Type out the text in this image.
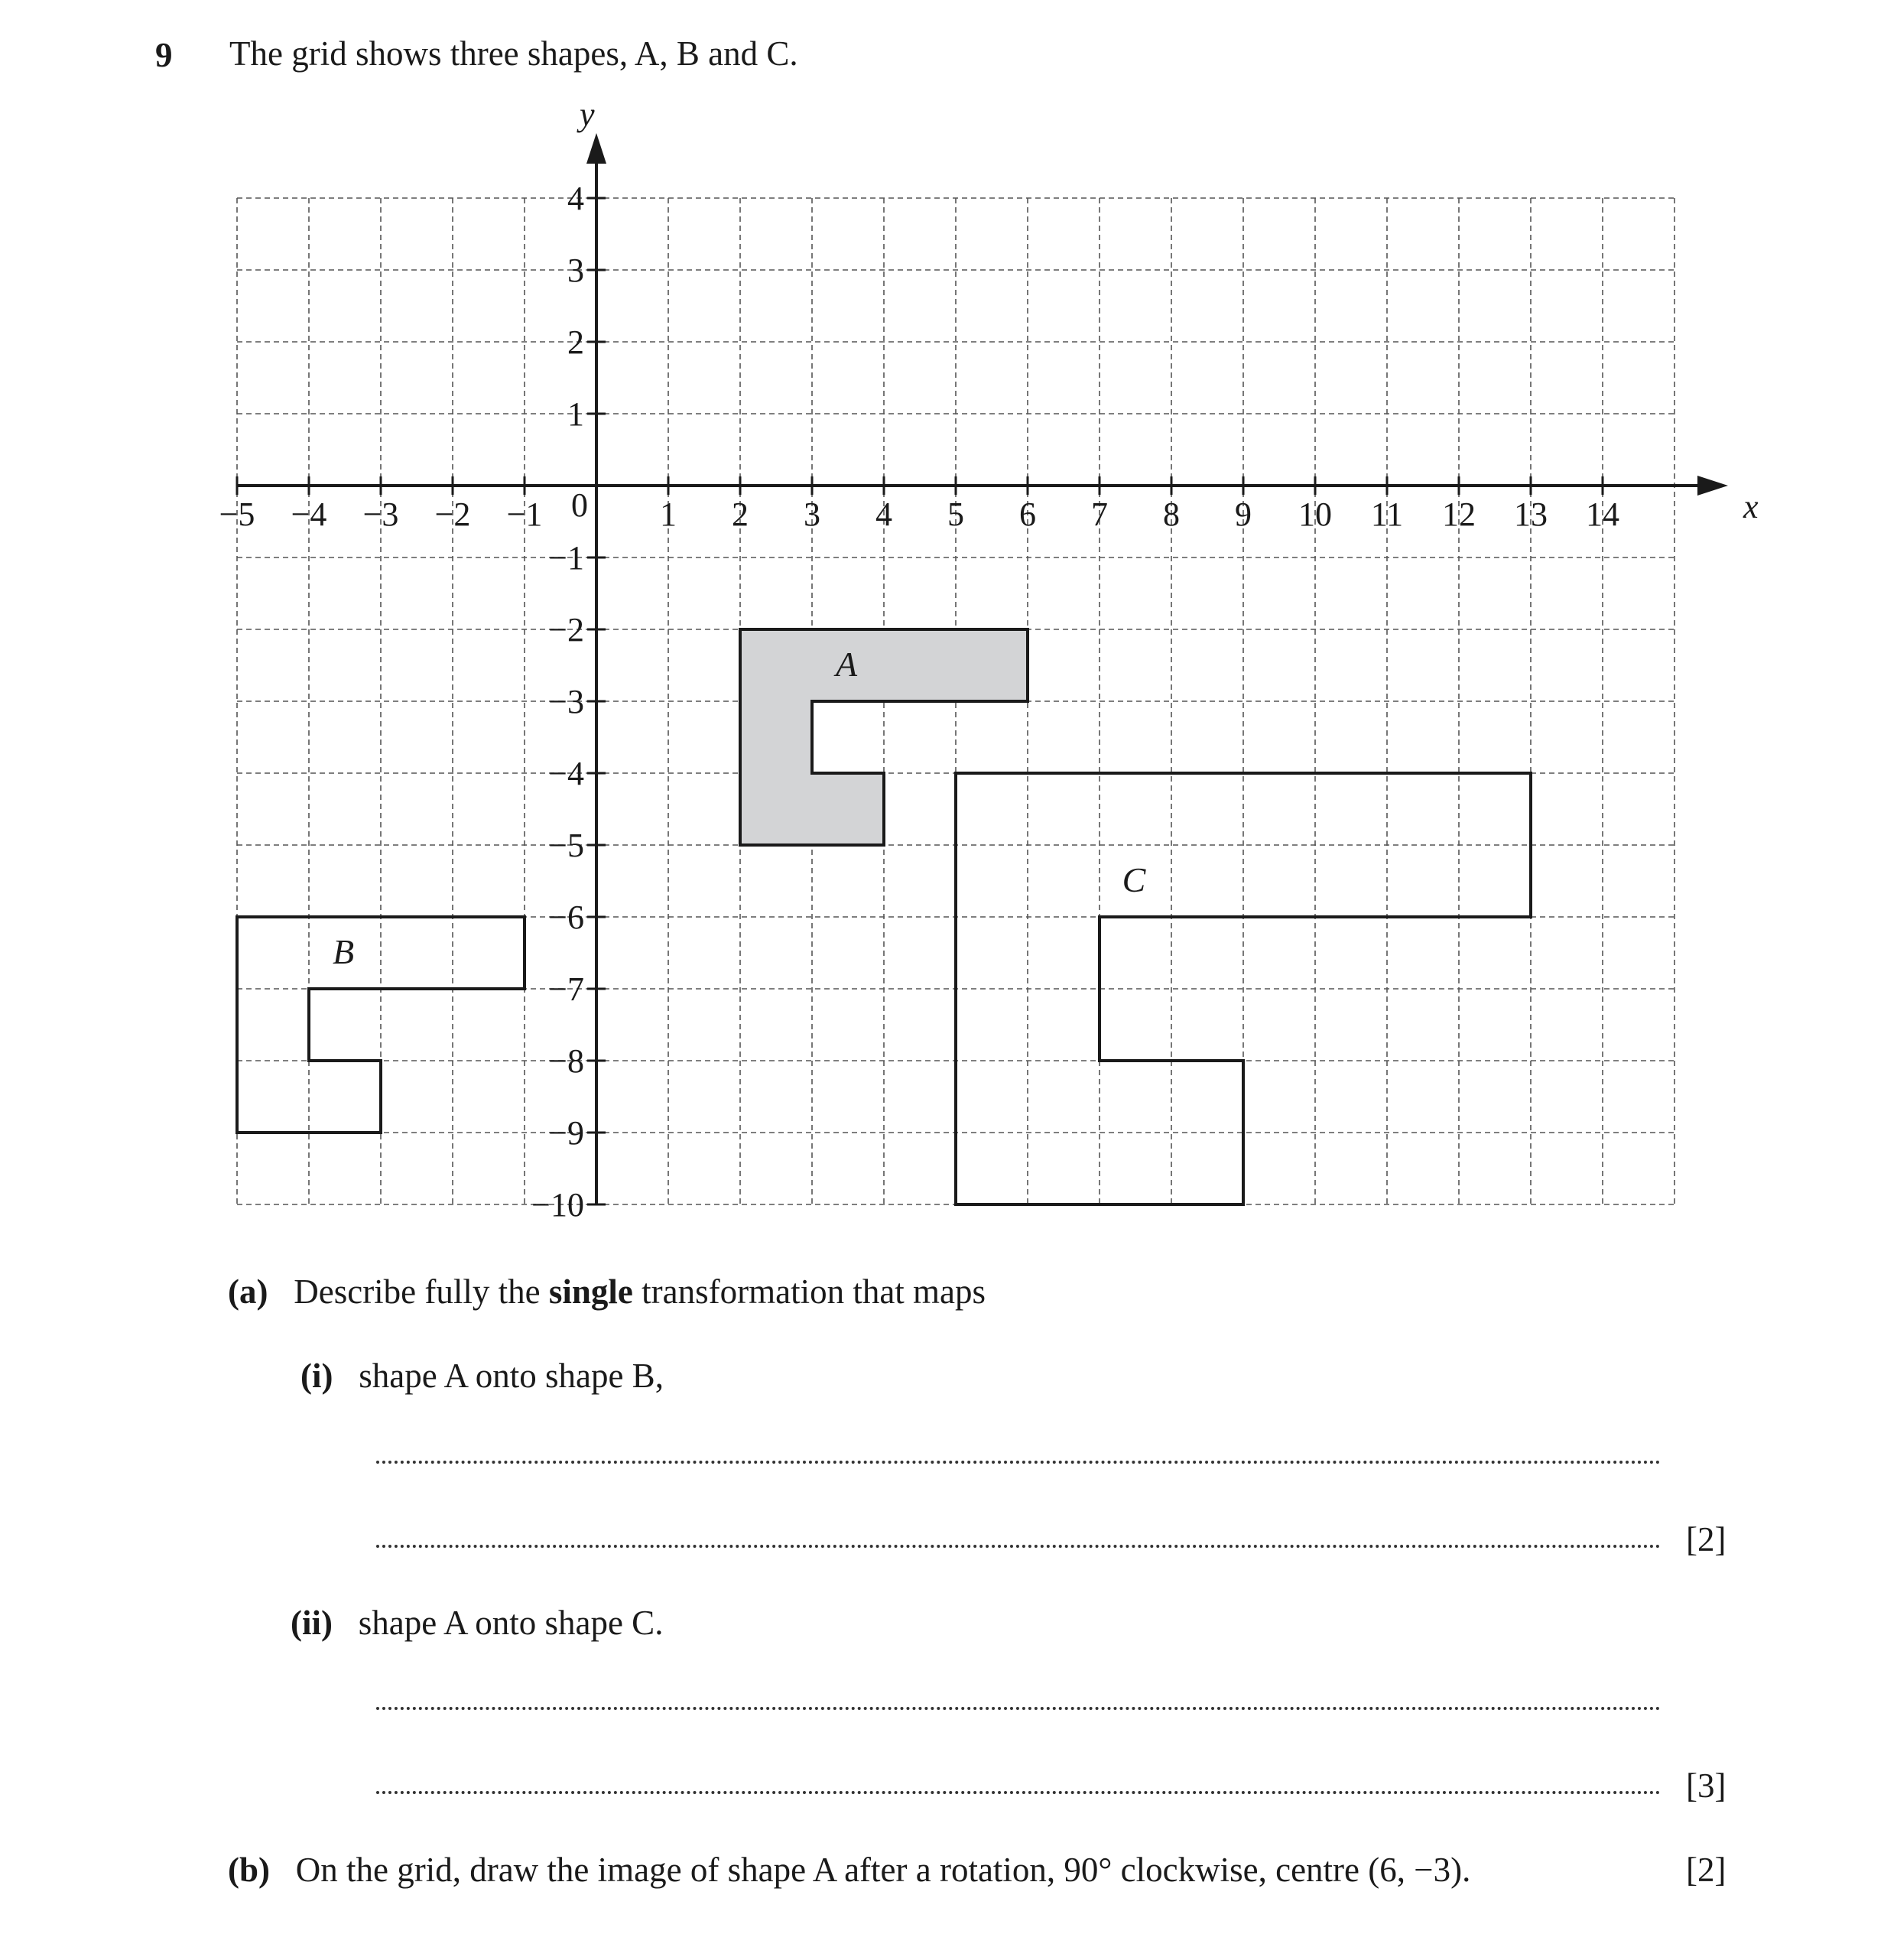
9 The grid shows three shapes, A, B and C.
A
B
C
x
y
−5 −4 −3 −2 −1 0 1 2 3 4 5 6 7 8 9 10 11 12 13 14
4
3
2
1
−1
−2
−3
−4
−5
−6
−7
−8
−9
−10
(a) Describe fully the single transformation that maps
(i) shape A onto shape B,
[2]
(ii) shape A onto shape C.
[3]
(b) On the grid, draw the image of shape A after a rotation, 90° clockwise, centre (6, −3).	[2]
